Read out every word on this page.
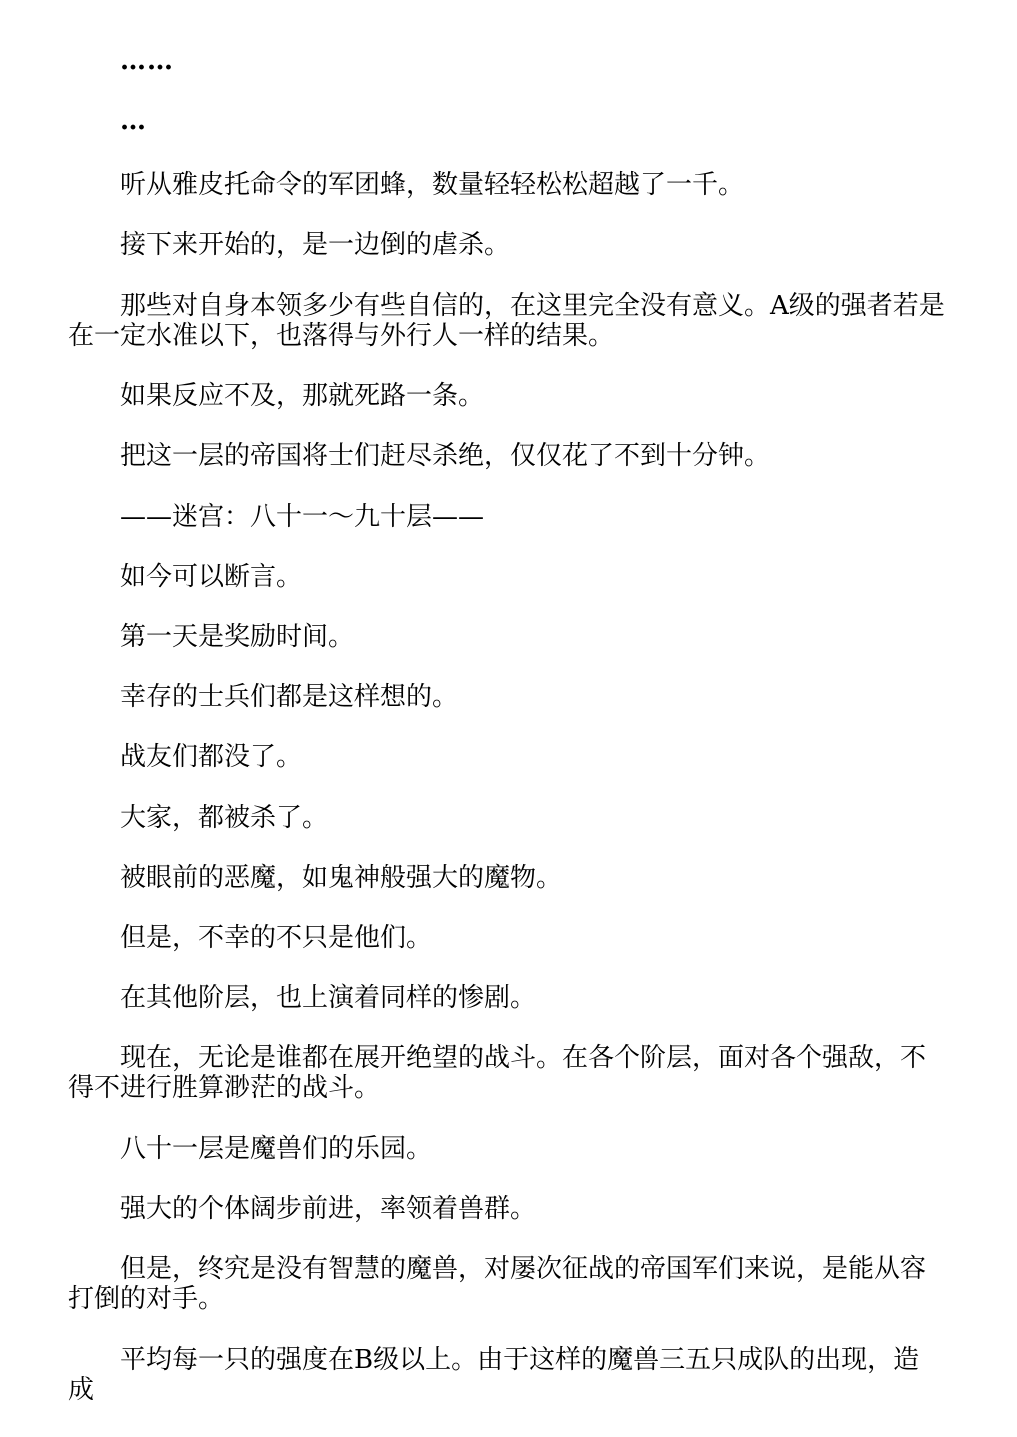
……

…

听从雅皮托命令的军团蜂，数量轻轻松松超越了一千。

接下来开始的，是一边倒的虐杀。

那些对自身本领多少有些自信的，在这里完全没有意义。A级的强者若是在一定水准以下，也落得与外行人一样的结果。

如果反应不及，那就死路一条。

把这一层的帝国将士们赶尽杀绝，仅仅花了不到十分钟。

——迷宫：八十一～九十层——

如今可以断言。

第一天是奖励时间。

幸存的士兵们都是这样想的。

战友们都没了。

大家，都被杀了。

被眼前的恶魔，如鬼神般强大的魔物。

但是，不幸的不只是他们。

在其他阶层，也上演着同样的惨剧。

现在，无论是谁都在展开绝望的战斗。在各个阶层，面对各个强敌，不得不进行胜算渺茫的战斗。

八十一层是魔兽们的乐园。

强大的个体阔步前进，率领着兽群。

但是，终究是没有智慧的魔兽，对屡次征战的帝国军们来说，是能从容打倒的对手。

平均每一只的强度在B级以上。由于这样的魔兽三五只成队的出现，造成
